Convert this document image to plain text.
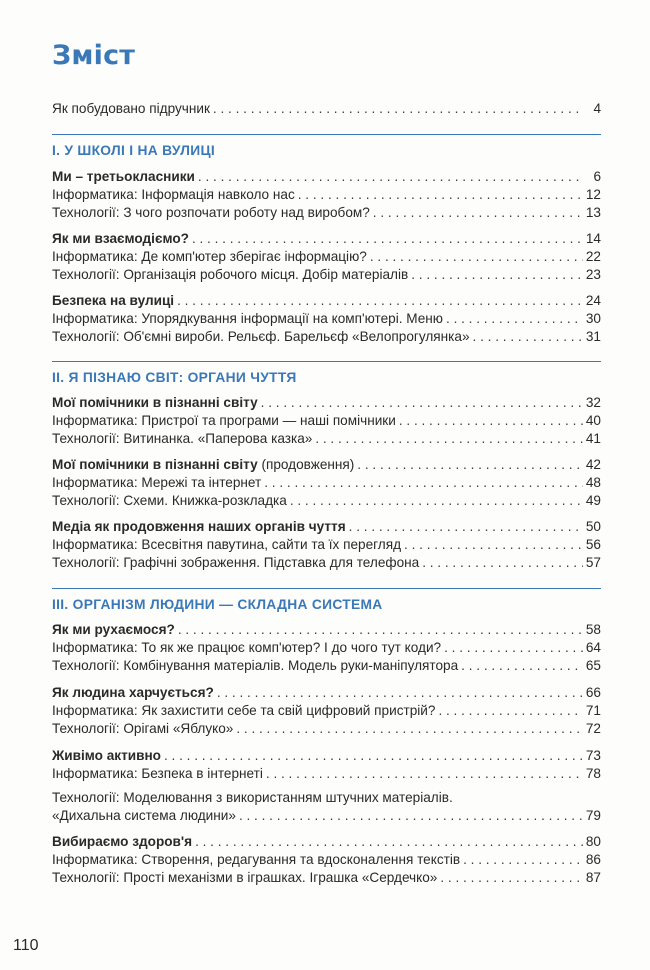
Зміст
Як побудовано підручник . . .	4
I. У ШКОЛІ І НА ВУЛИЦІ
Ми – третьокласники . . .	6
Інформатика: Інформація навколо нас . . .	12
Технології: З чого розпочати роботу над виробом? . . .	13
Як ми взаємодіємо? . . .	14
Інформатика: Де комп'ютер зберігає інформацію? . . .	22
Технології: Організація робочого місця. Добір матеріалів . . .	23
Безпека на вулиці . . .	24
Інформатика: Упорядкування інформації на комп'ютері. Меню . . .	30
Технології: Об'ємні вироби. Рельєф. Барельєф «Велопрогулянка» . . .	31
II. Я ПІЗНАЮ СВІТ: ОРГАНИ ЧУТТЯ
Мої помічники в пізнанні світу . . .	32
Інформатика: Пристрої та програми — наші помічники . . .	40
Технології: Витинанка. «Паперова казка» . . .	41
Мої помічники в пізнанні світу (продовження) . . .	42
Інформатика: Мережі та інтернет . . .	48
Технології: Схеми. Книжка-розкладка . . .	49
Медіа як продовження наших органів чуття . . .	50
Інформатика: Всесвітня павутина, сайти та їх перегляд . . .	56
Технології: Графічні зображення. Підставка для телефона . . .	57
III. ОРГАНІЗМ ЛЮДИНИ — СКЛАДНА СИСТЕМА
Як ми рухаємося? . . .	58
Інформатика: То як же працює комп'ютер? І до чого тут коди? . . .	64
Технології: Комбінування матеріалів. Модель руки-маніпулятора . . .	65
Як людина харчується? . . .	66
Інформатика: Як захистити себе та свій цифровий пристрій? . . .	71
Технології: Орігамі «Яблуко» . . .	72
Живімо активно . . .	73
Інформатика: Безпека в інтернеті . . .	78
Технології: Моделювання з використанням штучних матеріалів.
«Дихальна система людини» . . .	79
Вибираємо здоров'я . . .	80
Інформатика: Створення, редагування та вдосконалення текстів . . .	86
Технології: Прості механізми в іграшках. Іграшка «Сердечко» . . .	87
110
